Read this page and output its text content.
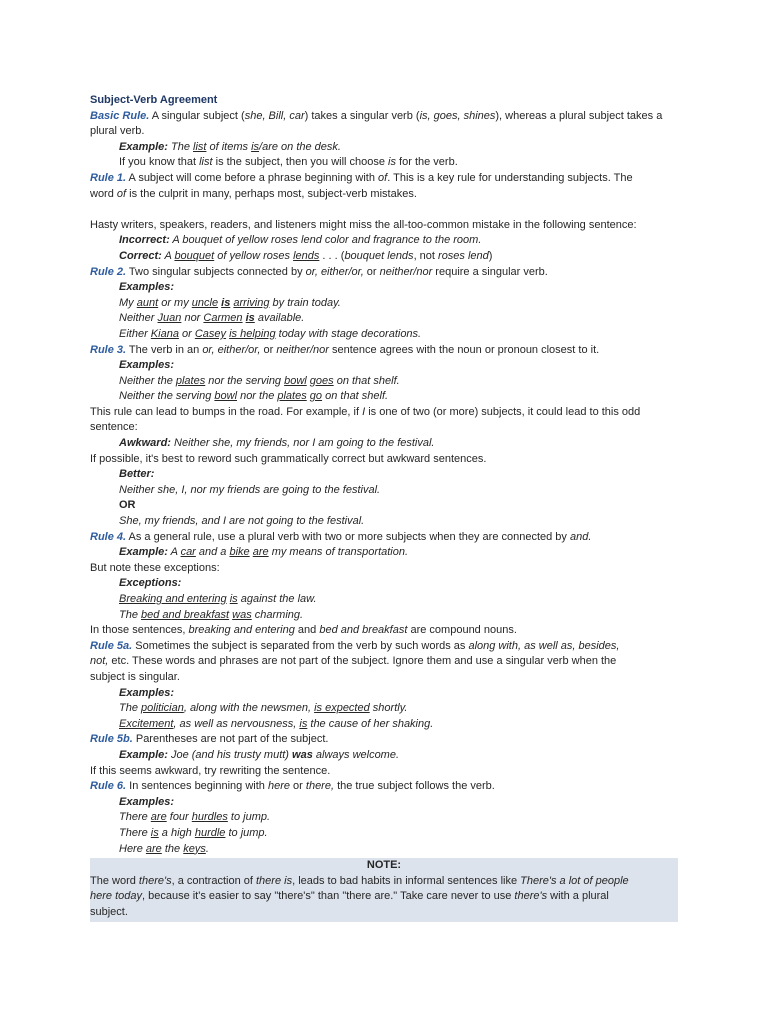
Subject-Verb Agreement
Basic Rule. A singular subject (she, Bill, car) takes a singular verb (is, goes, shines), whereas a plural subject takes a
plural verb.
Example: The list of items is/are on the desk.
If you know that list is the subject, then you will choose is for the verb.
Rule 1. A subject will come before a phrase beginning with of. This is a key rule for understanding subjects. The
word of is the culprit in many, perhaps most, subject-verb mistakes.
Hasty writers, speakers, readers, and listeners might miss the all-too-common mistake in the following sentence:
Incorrect: A bouquet of yellow roses lend color and fragrance to the room.
Correct: A bouquet of yellow roses lends . . . (bouquet lends, not roses lend)
Rule 2. Two singular subjects connected by or, either/or, or neither/nor require a singular verb.
Examples:
My aunt or my uncle is arriving by train today.
Neither Juan nor Carmen is available.
Either Kiana or Casey is helping today with stage decorations.
Rule 3. The verb in an or, either/or, or neither/nor sentence agrees with the noun or pronoun closest to it.
Examples:
Neither the plates nor the serving bowl goes on that shelf.
Neither the serving bowl nor the plates go on that shelf.
This rule can lead to bumps in the road. For example, if I is one of two (or more) subjects, it could lead to this odd
sentence:
Awkward: Neither she, my friends, nor I am going to the festival.
If possible, it's best to reword such grammatically correct but awkward sentences.
Better:
Neither she, I, nor my friends are going to the festival.
OR
She, my friends, and I are not going to the festival.
Rule 4. As a general rule, use a plural verb with two or more subjects when they are connected by and.
Example: A car and a bike are my means of transportation.
But note these exceptions:
Exceptions:
Breaking and entering is against the law.
The bed and breakfast was charming.
In those sentences, breaking and entering and bed and breakfast are compound nouns.
Rule 5a. Sometimes the subject is separated from the verb by such words as along with, as well as, besides,
not, etc. These words and phrases are not part of the subject. Ignore them and use a singular verb when the
subject is singular.
Examples:
The politician, along with the newsmen, is expected shortly.
Excitement, as well as nervousness, is the cause of her shaking.
Rule 5b. Parentheses are not part of the subject.
Example: Joe (and his trusty mutt) was always welcome.
If this seems awkward, try rewriting the sentence.
Rule 6. In sentences beginning with here or there, the true subject follows the verb.
Examples:
There are four hurdles to jump.
There is a high hurdle to jump.
Here are the keys.
NOTE:
The word there's, a contraction of there is, leads to bad habits in informal sentences like There's a lot of people
here today, because it's easier to say "there's" than "there are." Take care never to use there's with a plural
subject.
